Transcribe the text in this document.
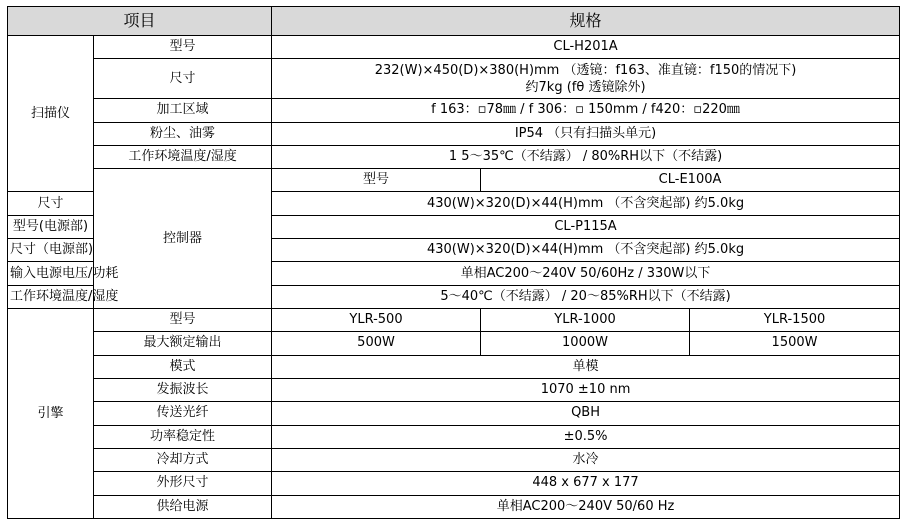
项目		规格		
扫描仪	型号	CL-H201A		
	尺寸	232(W)×450(D)×380(H)mm （透镜：f163、准直镜：f150的情况下)
约7kg (fθ 透镜除外)		

	加工区域	f 163：▫78㎜ / f 306：▫ 150mm / f420：▫220㎜		
	粉尘、油雾	IP54 （只有扫描头单元)		
	工作环境温度/湿度	1 5～35℃（不结露） / 80%RH以下（不结露)		
	控制器	型号	CL-E100A	
尺寸		430(W)×320(D)×44(H)mm （不含突起部) 约5.0kg		
型号(电源部)		CL-P115A		
尺寸（电源部)		430(W)×320(D)×44(H)mm （不含突起部) 约5.0kg		
输入电源电压/功耗		单相AC200～240V 50/60Hz / 330W以下		
工作环境温度/湿度		5～40℃（不结露） / 20～85%RH以下（不结露)		
引擎	型号	YLR-500	YLR-1000	YLR-1500
	最大额定输出	500W	1000W	1500W
	模式	单模		
	发振波长	1070 ±10 nm		
	传送光纤	QBH		
	功率稳定性	±0.5%		
	冷却方式	水冷		
	外形尺寸	448 x 677 x 177		
	供给电源	单相AC200～240V 50/60 Hz		
